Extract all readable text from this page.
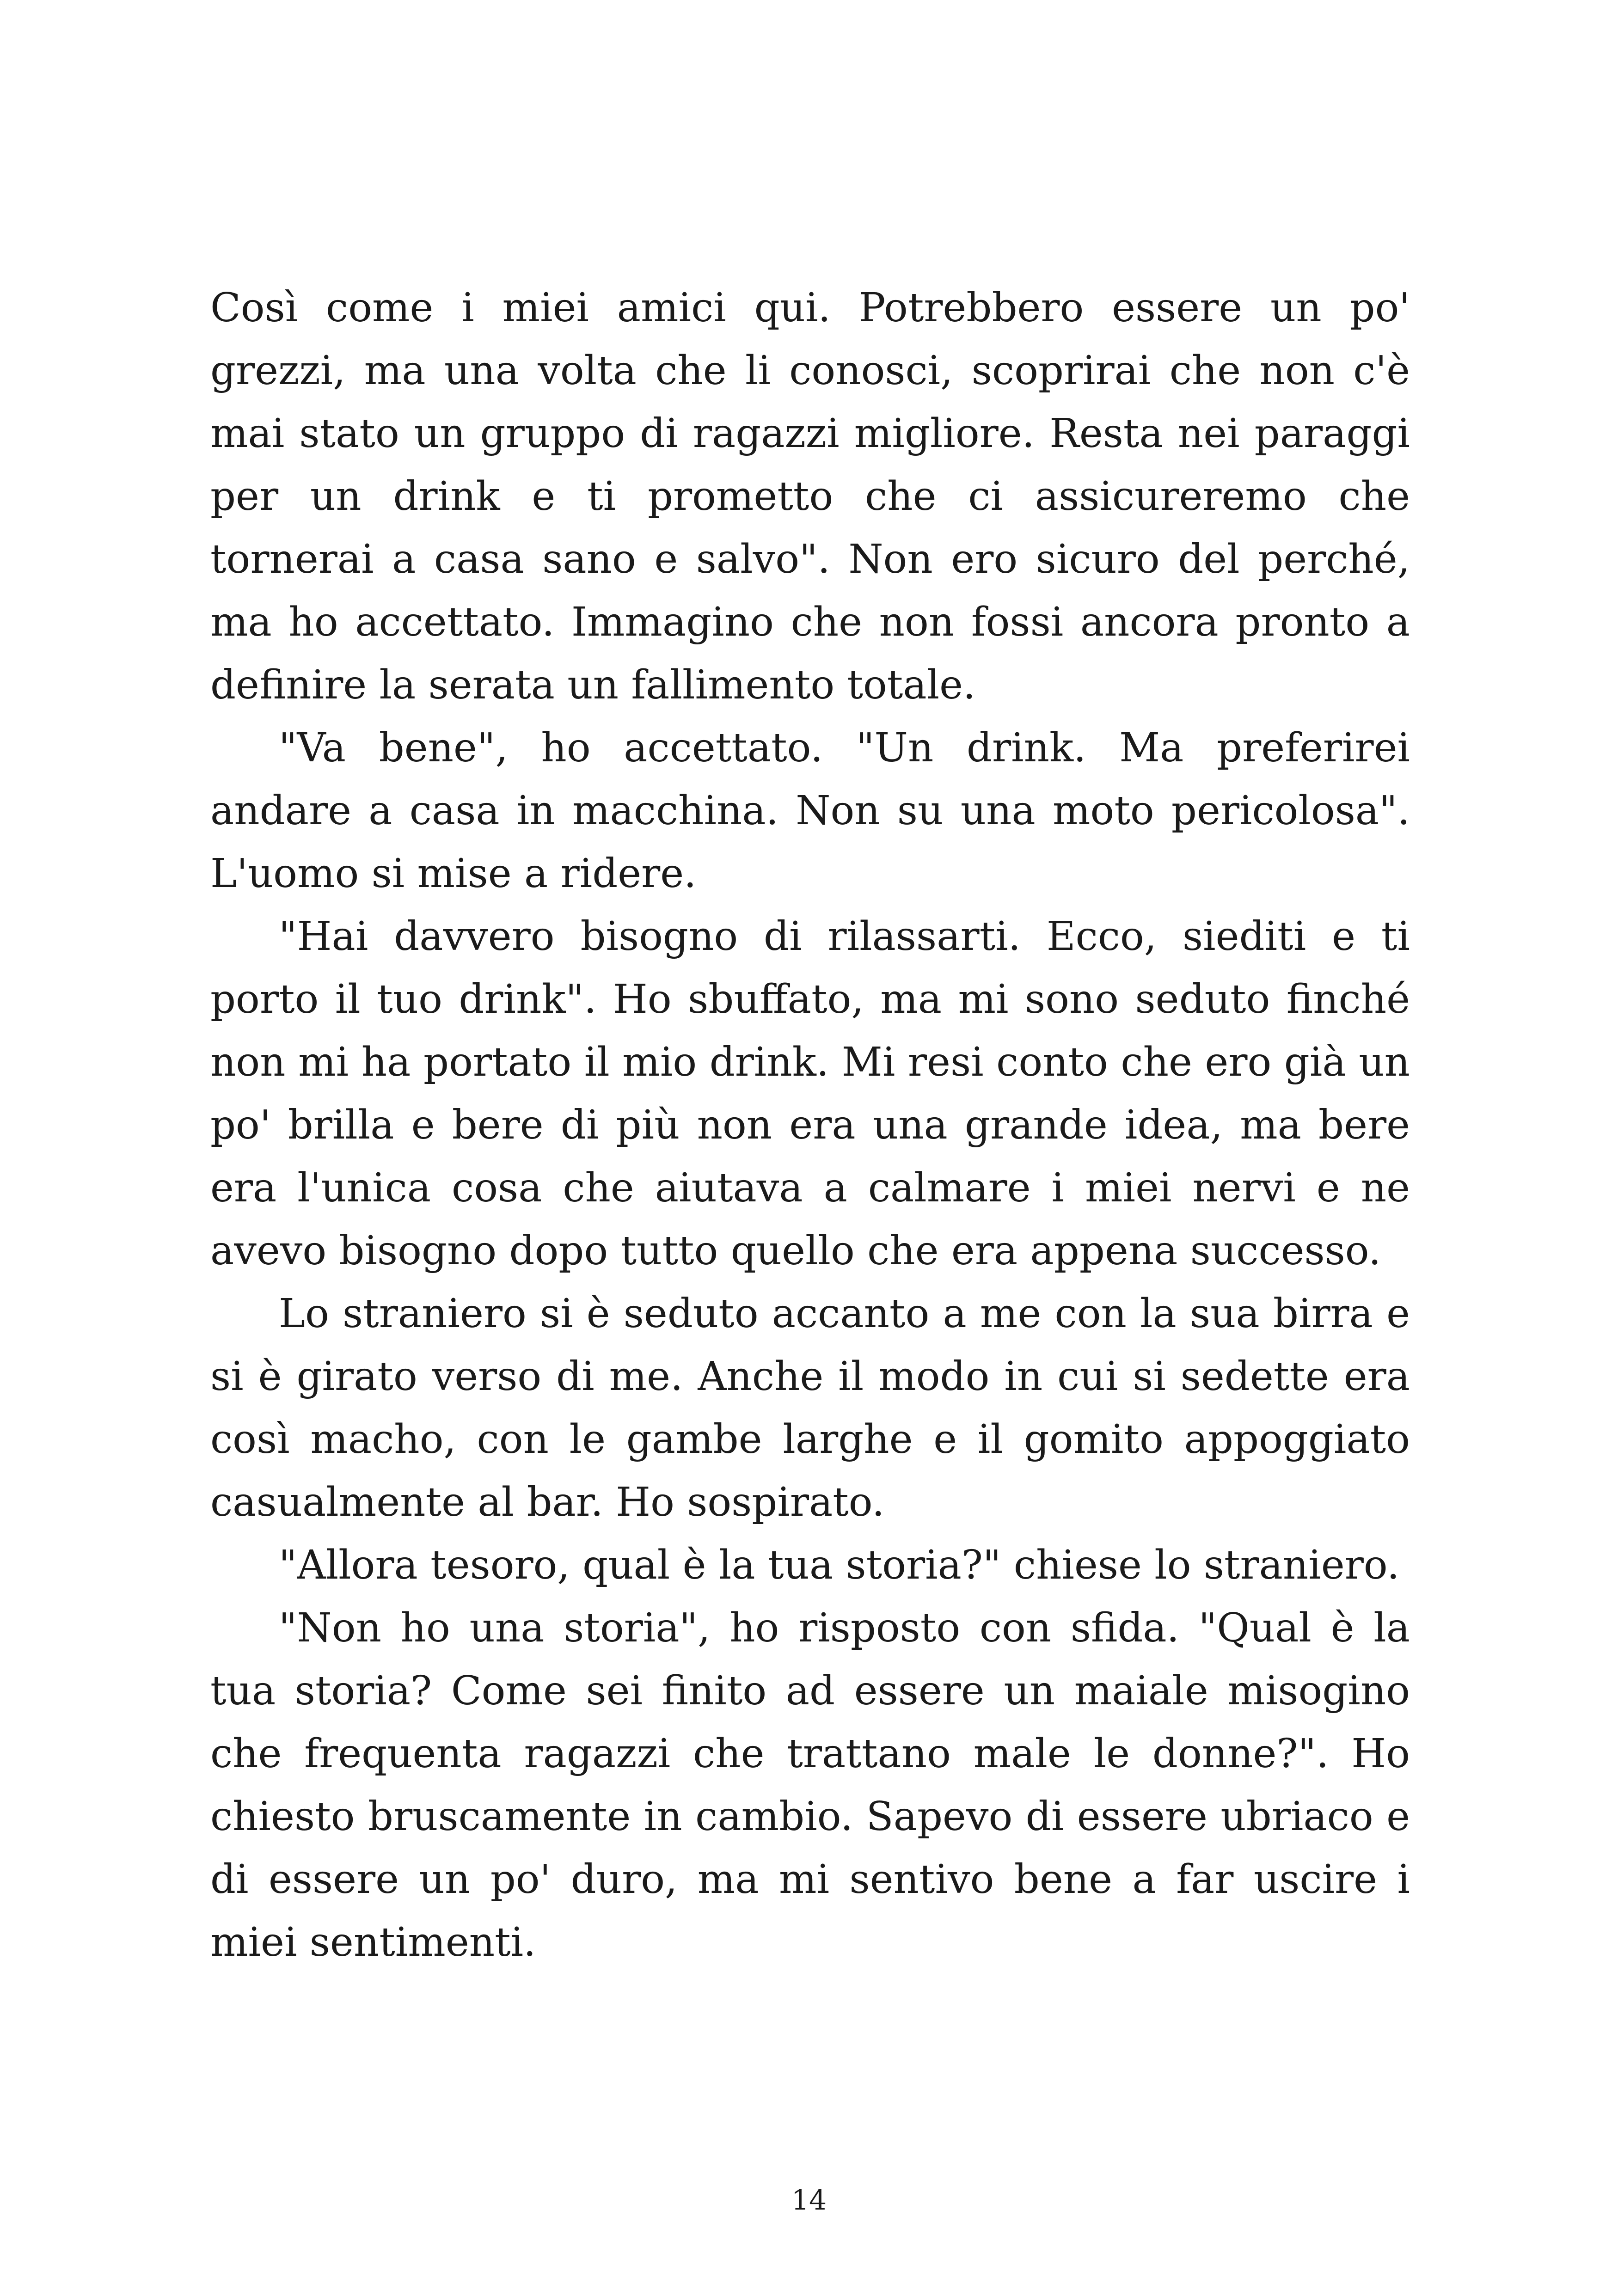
Così come i miei amici qui. Potrebbero essere un po' grezzi, ma una volta che li conosci, scoprirai che non c'è mai stato un gruppo di ragazzi migliore. Resta nei paraggi per un drink e ti prometto che ci assicureremo che tornerai a casa sano e salvo". Non ero sicuro del perché, ma ho accettato. Immagino che non fossi ancora pronto a definire la serata un fallimento totale.

"Va bene", ho accettato. "Un drink. Ma preferirei andare a casa in macchina. Non su una moto pericolosa". L'uomo si mise a ridere.

"Hai davvero bisogno di rilassarti. Ecco, siediti e ti porto il tuo drink". Ho sbuffato, ma mi sono seduto finché non mi ha portato il mio drink. Mi resi conto che ero già un po' brilla e bere di più non era una grande idea, ma bere era l'unica cosa che aiutava a calmare i miei nervi e ne avevo bisogno dopo tutto quello che era appena successo.

Lo straniero si è seduto accanto a me con la sua birra e si è girato verso di me. Anche il modo in cui si sedette era così macho, con le gambe larghe e il gomito appoggiato casualmente al bar. Ho sospirato.

"Allora tesoro, qual è la tua storia?" chiese lo straniero.

"Non ho una storia", ho risposto con sfida. "Qual è la tua storia? Come sei finito ad essere un maiale misogino che frequenta ragazzi che trattano male le donne?". Ho chiesto bruscamente in cambio. Sapevo di essere ubriaco e di essere un po' duro, ma mi sentivo bene a far uscire i miei sentimenti.

14
